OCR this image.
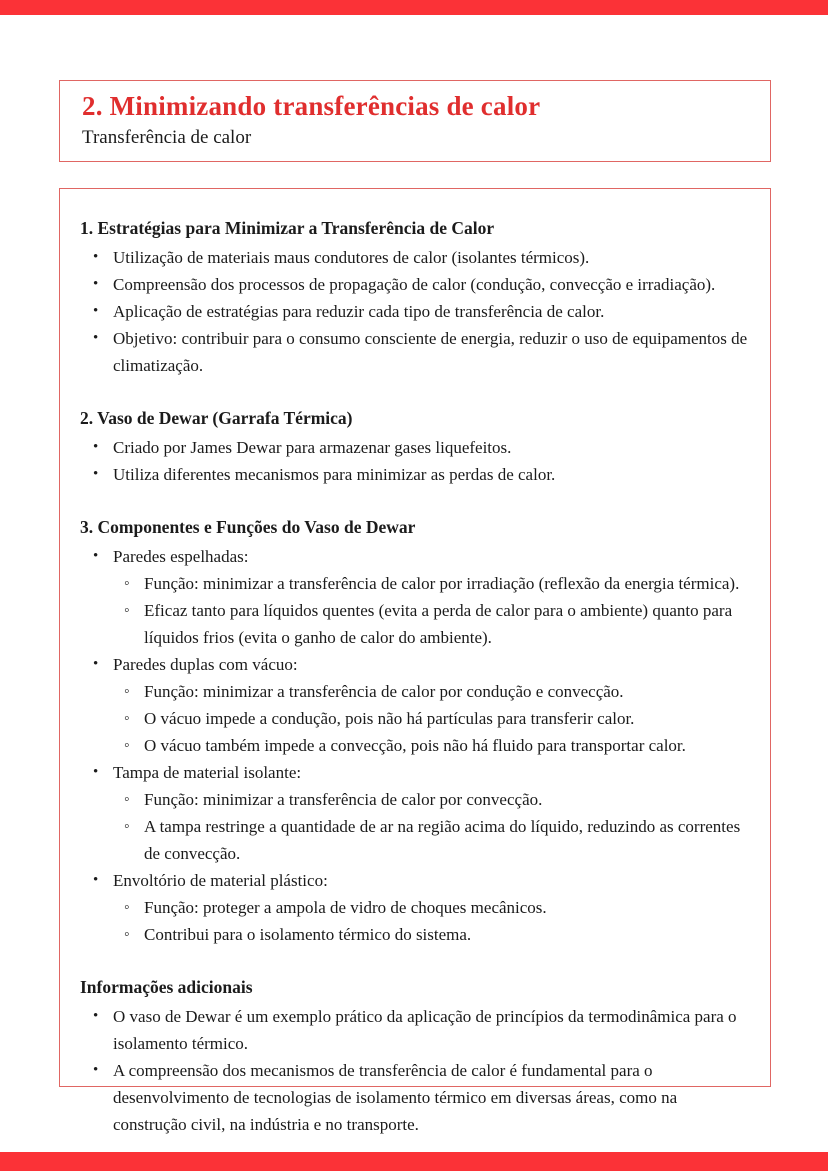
2. Minimizando transferências de calor
Transferência de calor
1. Estratégias para Minimizar a Transferência de Calor
• Utilização de materiais maus condutores de calor (isolantes térmicos).
• Compreensão dos processos de propagação de calor (condução, convecção e irradiação).
• Aplicação de estratégias para reduzir cada tipo de transferência de calor.
• Objetivo: contribuir para o consumo consciente de energia, reduzir o uso de equipamentos de climatização.
2. Vaso de Dewar (Garrafa Térmica)
• Criado por James Dewar para armazenar gases liquefeitos.
• Utiliza diferentes mecanismos para minimizar as perdas de calor.
3. Componentes e Funções do Vaso de Dewar
• Paredes espelhadas:
◦ Função: minimizar a transferência de calor por irradiação (reflexão da energia térmica).
◦ Eficaz tanto para líquidos quentes (evita a perda de calor para o ambiente) quanto para líquidos frios (evita o ganho de calor do ambiente).
• Paredes duplas com vácuo:
◦ Função: minimizar a transferência de calor por condução e convecção.
◦ O vácuo impede a condução, pois não há partículas para transferir calor.
◦ O vácuo também impede a convecção, pois não há fluido para transportar calor.
• Tampa de material isolante:
◦ Função: minimizar a transferência de calor por convecção.
◦ A tampa restringe a quantidade de ar na região acima do líquido, reduzindo as correntes de convecção.
• Envoltório de material plástico:
◦ Função: proteger a ampola de vidro de choques mecânicos.
◦ Contribui para o isolamento térmico do sistema.
Informações adicionais
• O vaso de Dewar é um exemplo prático da aplicação de princípios da termodinâmica para o isolamento térmico.
• A compreensão dos mecanismos de transferência de calor é fundamental para o desenvolvimento de tecnologias de isolamento térmico em diversas áreas, como na construção civil, na indústria e no transporte.
